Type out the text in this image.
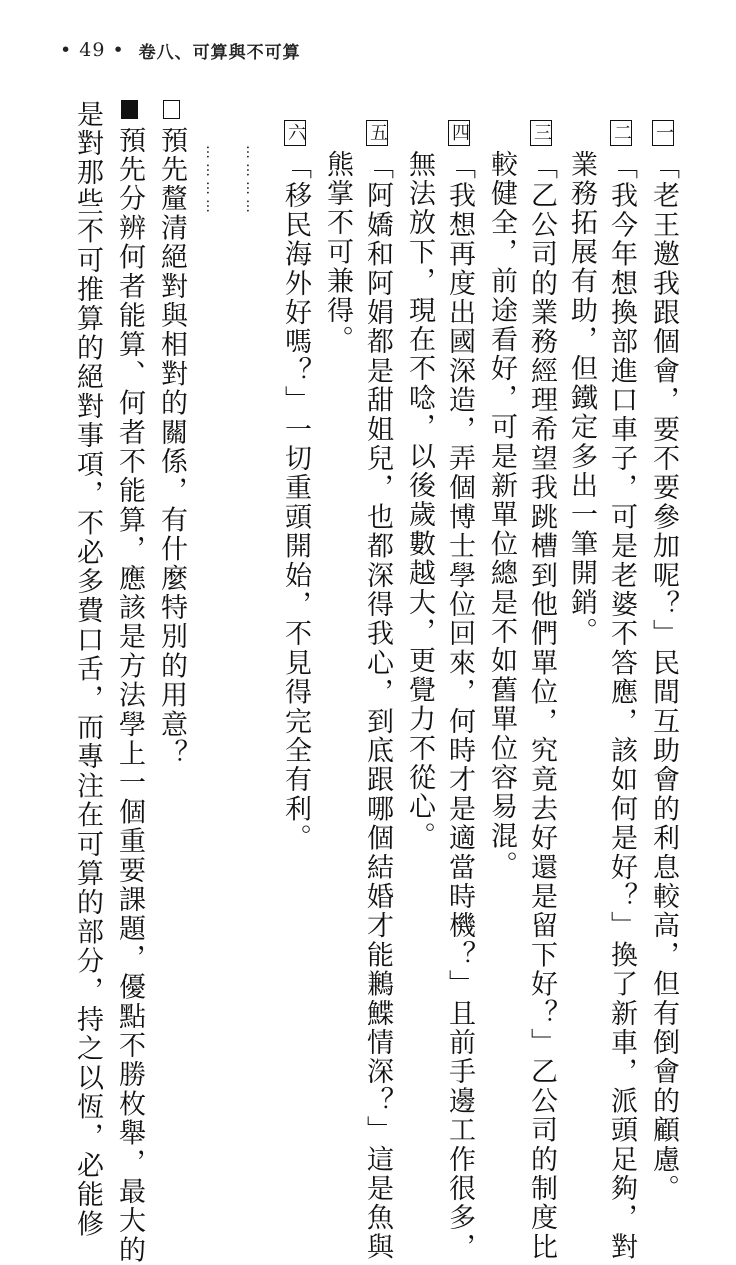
• 49 • 卷八、可算與不可算
一「老王邀我跟個會，要不要參加呢？」民間互助會的利息較高，但有倒會的顧慮。
二「我今年想換部進口車子，可是老婆不答應，該如何是好？」換了新車，派頭足夠，對
業務拓展有助，但鐵定多出一筆開銷。
三「乙公司的業務經理希望我跳槽到他們單位，究竟去好還是留下好？」乙公司的制度比
較健全，前途看好，可是新單位總是不如舊單位容易混。
四「我想再度出國深造，弄個博士學位回來，何時才是適當時機？」且前手邊工作很多，
無法放下，現在不唸，以後歲數越大，更覺力不從心。
五「阿嬌和阿娟都是甜姐兒，也都深得我心，到底跟哪個結婚才能鶼鰈情深？」這是魚與
熊掌不可兼得。
六「移民海外好嗎？」一切重頭開始，不見得完全有利。
…………
…………
預先釐清絕對與相對的關係，有什麼特別的用意？
預先分辨何者能算、何者不能算，應該是方法學上一個重要課題，優點不勝枚舉，最大的
是對那些不可推算的絕對事項，不必多費口舌，而專注在可算的部分，持之以恆，必能修
